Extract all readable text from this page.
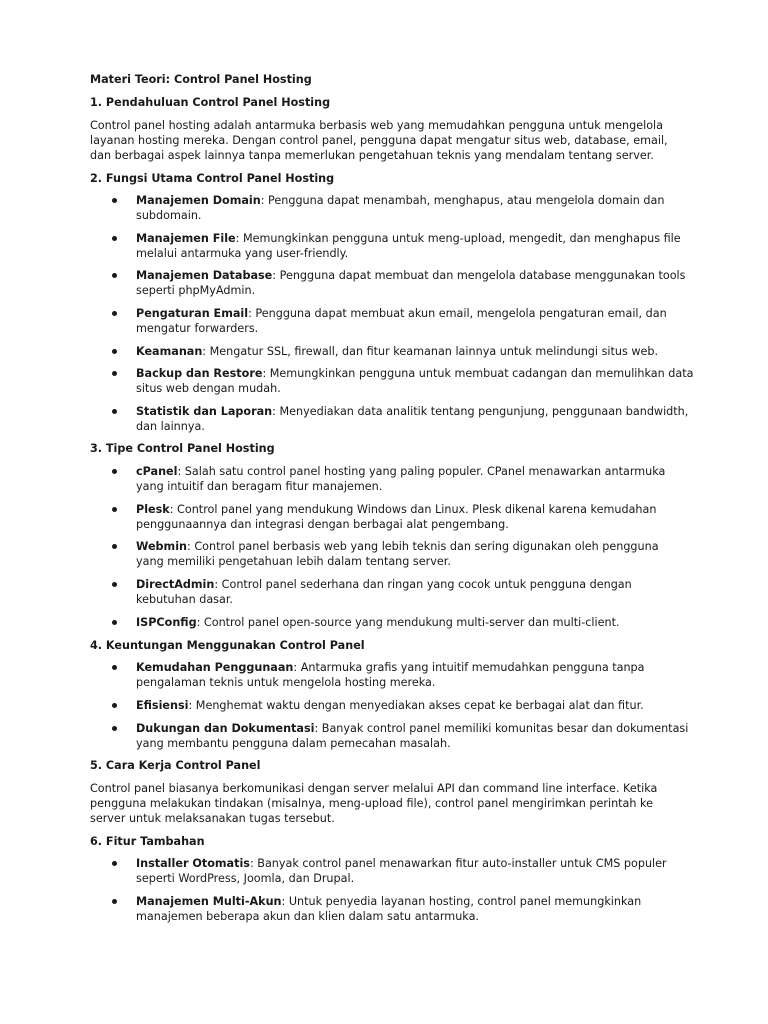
Materi Teori: Control Panel Hosting
1. Pendahuluan Control Panel Hosting
Control panel hosting adalah antarmuka berbasis web yang memudahkan pengguna untuk mengelola
layanan hosting mereka. Dengan control panel, pengguna dapat mengatur situs web, database, email,
dan berbagai aspek lainnya tanpa memerlukan pengetahuan teknis yang mendalam tentang server.
2. Fungsi Utama Control Panel Hosting
Manajemen Domain: Pengguna dapat menambah, menghapus, atau mengelola domain dan
subdomain.
Manajemen File: Memungkinkan pengguna untuk meng-upload, mengedit, dan menghapus file
melalui antarmuka yang user-friendly.
Manajemen Database: Pengguna dapat membuat dan mengelola database menggunakan tools
seperti phpMyAdmin.
Pengaturan Email: Pengguna dapat membuat akun email, mengelola pengaturan email, dan
mengatur forwarders.
Keamanan: Mengatur SSL, firewall, dan fitur keamanan lainnya untuk melindungi situs web.
Backup dan Restore: Memungkinkan pengguna untuk membuat cadangan dan memulihkan data
situs web dengan mudah.
Statistik dan Laporan: Menyediakan data analitik tentang pengunjung, penggunaan bandwidth,
dan lainnya.
3. Tipe Control Panel Hosting
cPanel: Salah satu control panel hosting yang paling populer. CPanel menawarkan antarmuka
yang intuitif dan beragam fitur manajemen.
Plesk: Control panel yang mendukung Windows dan Linux. Plesk dikenal karena kemudahan
penggunaannya dan integrasi dengan berbagai alat pengembang.
Webmin: Control panel berbasis web yang lebih teknis dan sering digunakan oleh pengguna
yang memiliki pengetahuan lebih dalam tentang server.
DirectAdmin: Control panel sederhana dan ringan yang cocok untuk pengguna dengan
kebutuhan dasar.
ISPConfig: Control panel open-source yang mendukung multi-server dan multi-client.
4. Keuntungan Menggunakan Control Panel
Kemudahan Penggunaan: Antarmuka grafis yang intuitif memudahkan pengguna tanpa
pengalaman teknis untuk mengelola hosting mereka.
Efisiensi: Menghemat waktu dengan menyediakan akses cepat ke berbagai alat dan fitur.
Dukungan dan Dokumentasi: Banyak control panel memiliki komunitas besar dan dokumentasi
yang membantu pengguna dalam pemecahan masalah.
5. Cara Kerja Control Panel
Control panel biasanya berkomunikasi dengan server melalui API dan command line interface. Ketika
pengguna melakukan tindakan (misalnya, meng-upload file), control panel mengirimkan perintah ke
server untuk melaksanakan tugas tersebut.
6. Fitur Tambahan
Installer Otomatis: Banyak control panel menawarkan fitur auto-installer untuk CMS populer
seperti WordPress, Joomla, dan Drupal.
Manajemen Multi-Akun: Untuk penyedia layanan hosting, control panel memungkinkan
manajemen beberapa akun dan klien dalam satu antarmuka.
